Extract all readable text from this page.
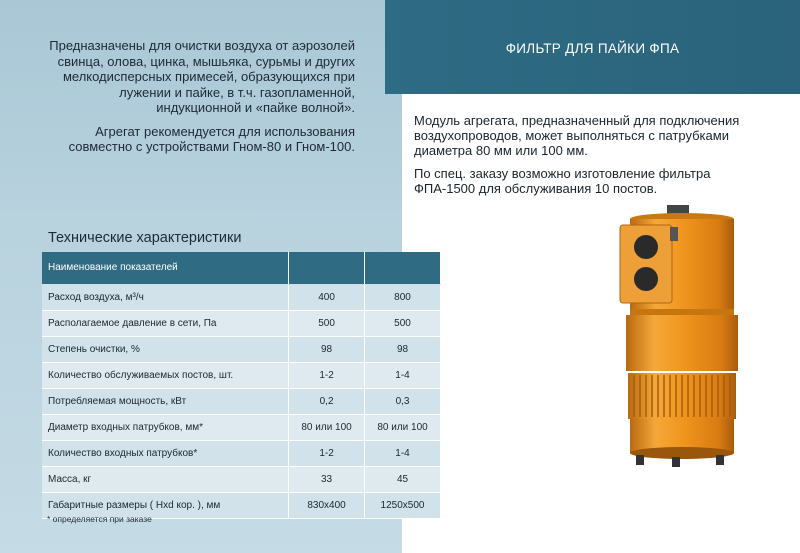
Предназначены для очистки воздуха от аэрозолей свинца, олова, цинка, мышьяка, сурьмы и других мелкодисперсных примесей, образующихся при лужении и пайке, в т.ч. газопламенной, индукционной и «пайке волной».

Агрегат рекомендуется для использования совместно с устройствами Гном-80 и Гном-100.

ФИЛЬТР ДЛЯ ПАЙКИ ФПА

Модуль агрегата, предназначенный для подключения воздухопроводов, может выполняться с патрубками диаметра 80 мм или 100 мм.

По спец. заказу возможно изготовление фильтра ФПА-1500 для обслуживания 10 постов.

Технические характеристики
Наименование показателей		
Расход воздуха, м³/ч	400	800
Располагаемое давление в сети, Па	500	500
Степень очистки, %	98	98
Количество обслуживаемых постов, шт.	1-2	1-4
Потребляемая мощность, кВт	0,2	0,3
Диаметр входных патрубков, мм*	80 или 100	80 или 100
Количество входных патрубков*	1-2	1-4
Масса, кг	33	45
Габаритные размеры ( Hxd кор. ), мм	830x400	1250x500
* определяется при заказе
